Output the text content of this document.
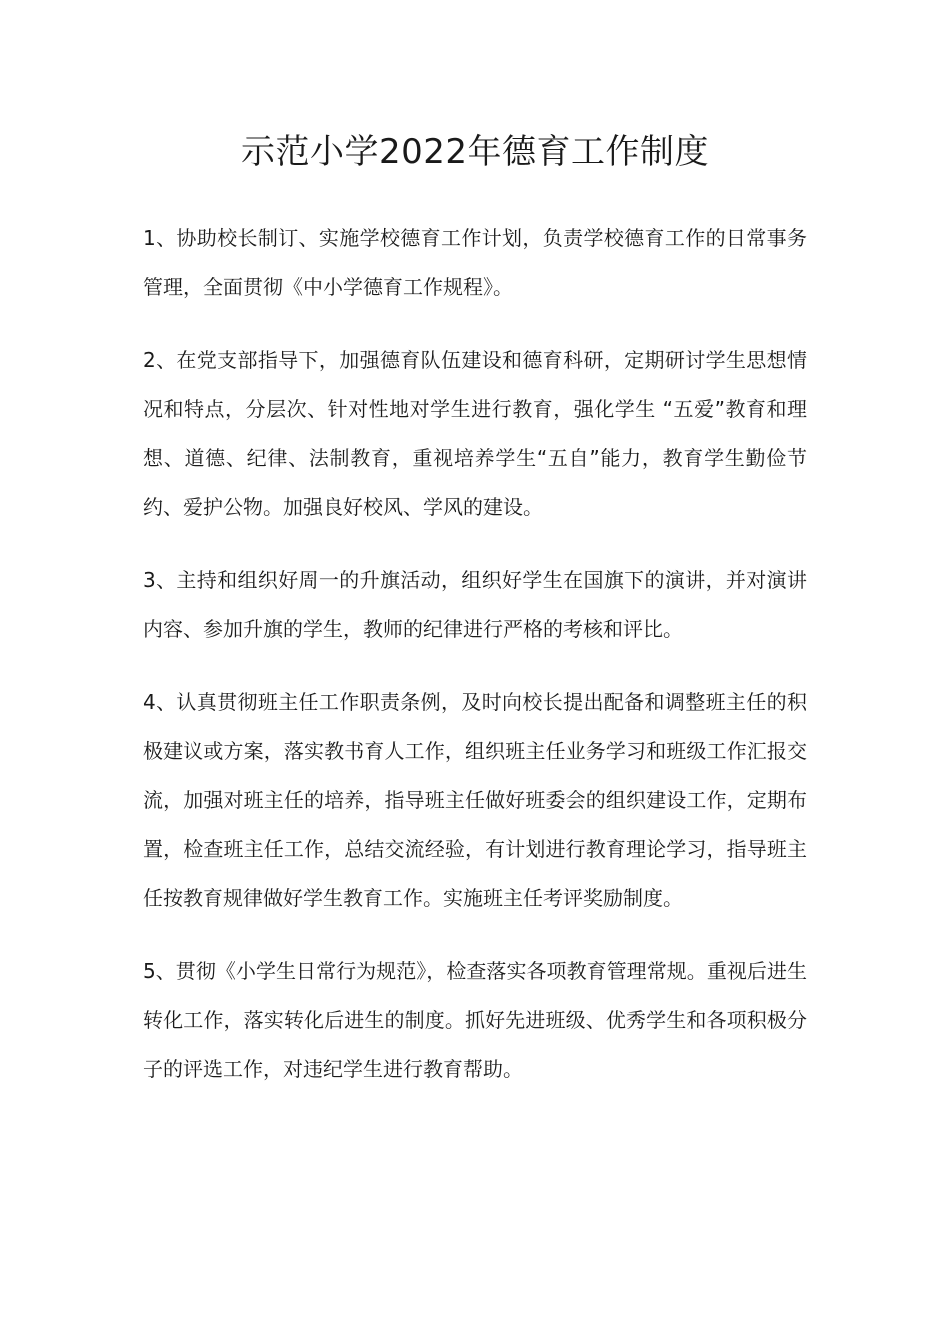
示范小学2022年德育工作制度

1、协助校长制订、实施学校德育工作计划，负责学校德育工作的日常事务管理，全面贯彻《中小学德育工作规程》。

2、在党支部指导下，加强德育队伍建设和德育科研，定期研讨学生思想情况和特点，分层次、针对性地对学生进行教育，强化学生 “五爱”教育和理想、道德、纪律、法制教育，重视培养学生“五自”能力，教育学生勤俭节约、爱护公物。加强良好校风、学风的建设。

3、主持和组织好周一的升旗活动，组织好学生在国旗下的演讲，并对演讲内容、参加升旗的学生，教师的纪律进行严格的考核和评比。

4、认真贯彻班主任工作职责条例，及时向校长提出配备和调整班主任的积极建议或方案，落实教书育人工作，组织班主任业务学习和班级工作汇报交流，加强对班主任的培养，指导班主任做好班委会的组织建设工作，定期布置，检查班主任工作，总结交流经验，有计划进行教育理论学习，指导班主任按教育规律做好学生教育工作。实施班主任考评奖励制度。

5、贯彻《小学生日常行为规范》，检查落实各项教育管理常规。重视后进生转化工作，落实转化后进生的制度。抓好先进班级、优秀学生和各项积极分子的评选工作，对违纪学生进行教育帮助。
